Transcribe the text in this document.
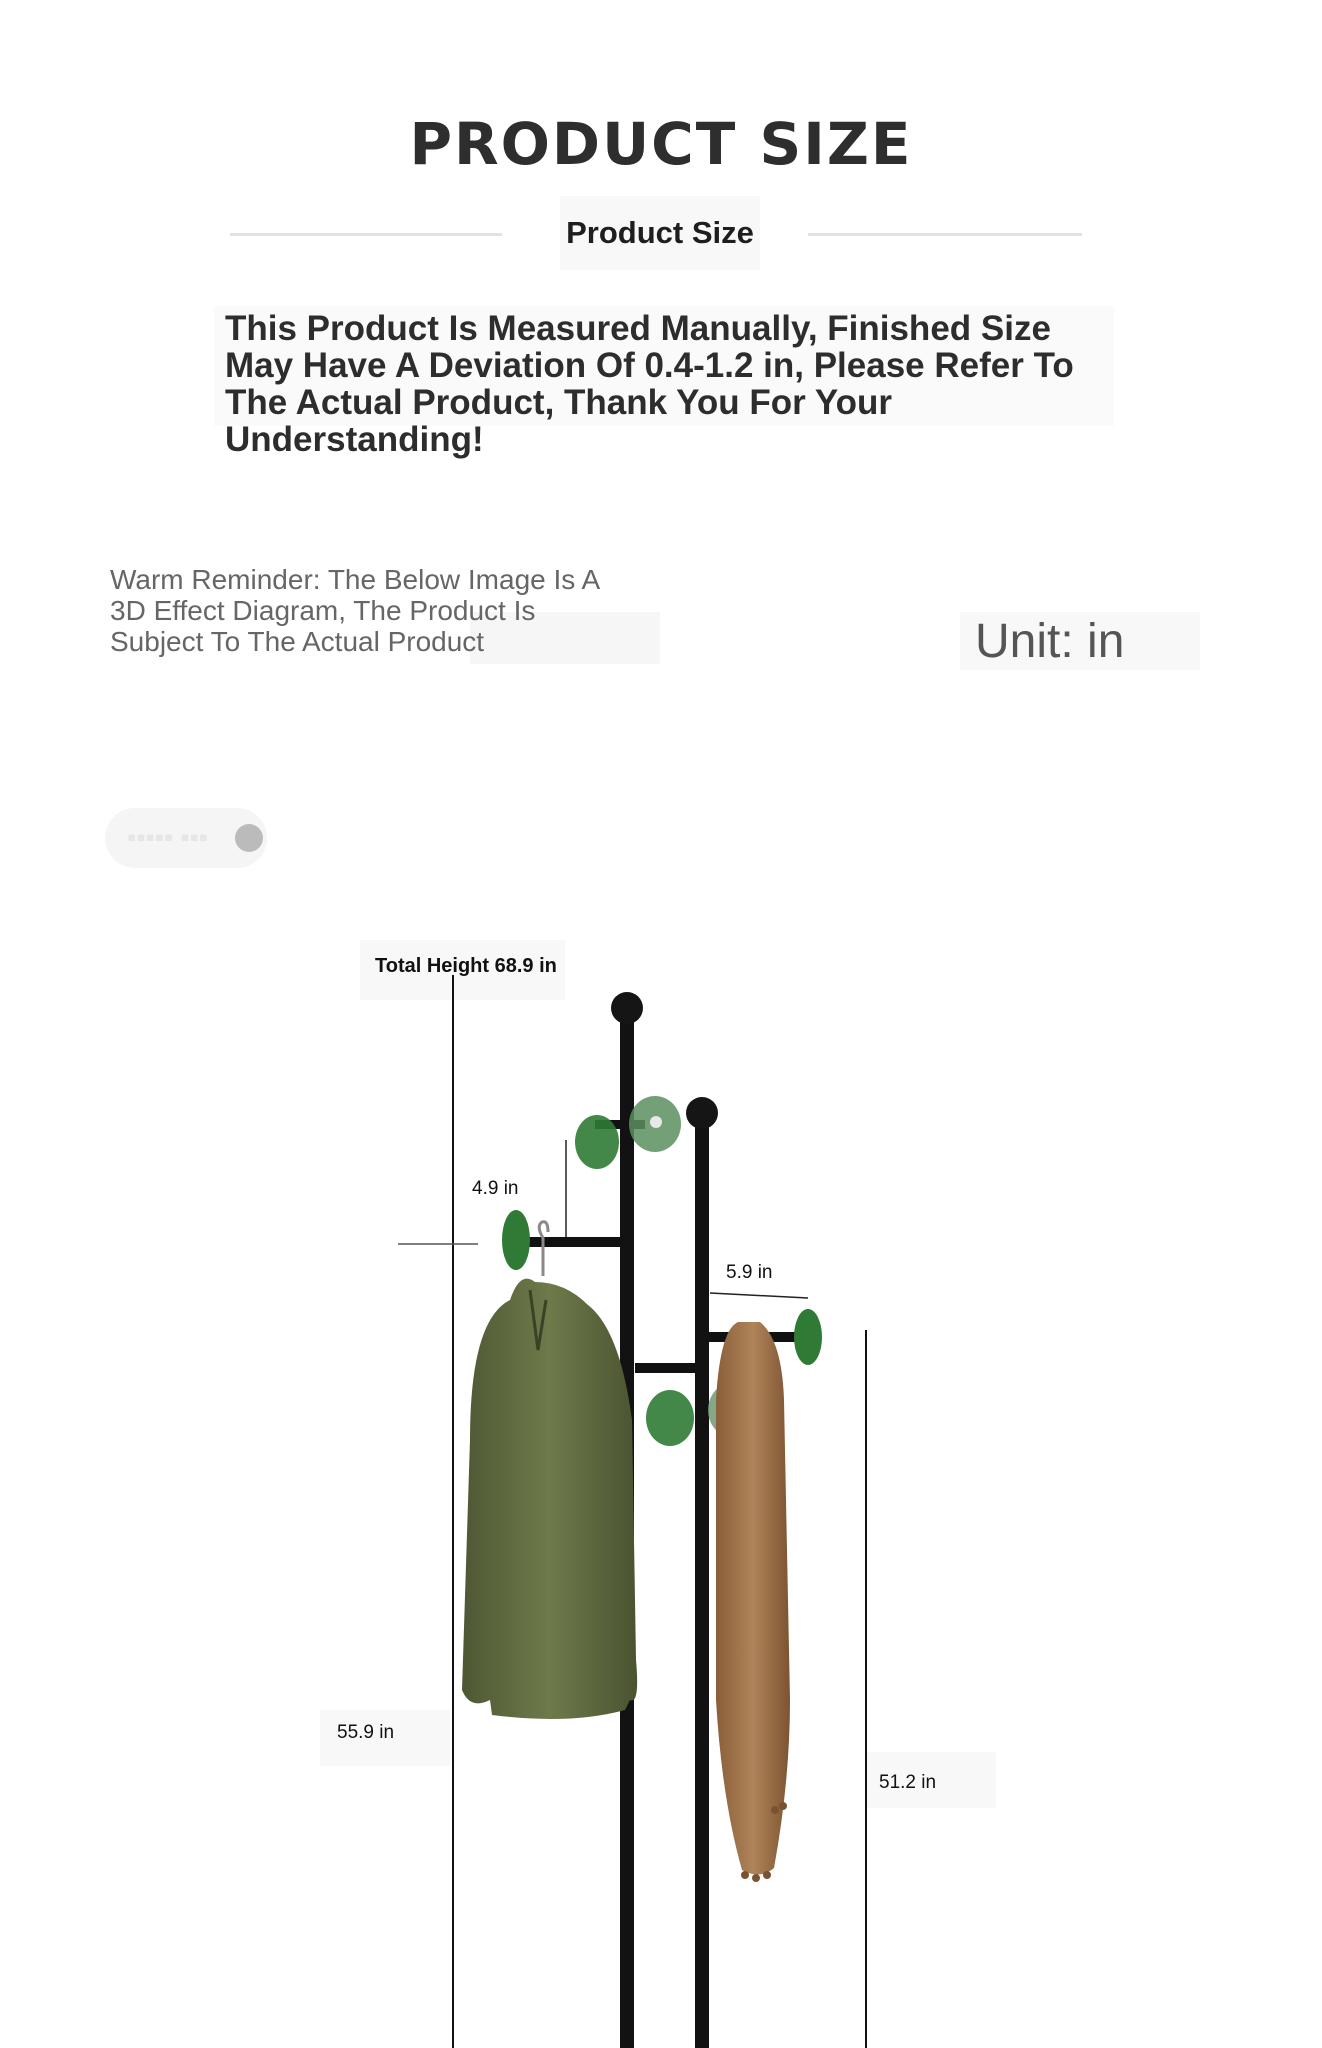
PRODUCT SIZE
Product Size
This Product Is Measured Manually, Finished Size May Have A Deviation Of 0.4-1.2 in, Please Refer To The Actual Product, Thank You For Your Understanding!
Warm Reminder: The Below Image Is A 3D Effect Diagram, The Product Is Subject To The Actual Product	Unit: in
▪▪▪▪▪ ▪▪▪
Total Height 68.9 in
4.9 in
5.9 in
55.9 in
51.2 in
